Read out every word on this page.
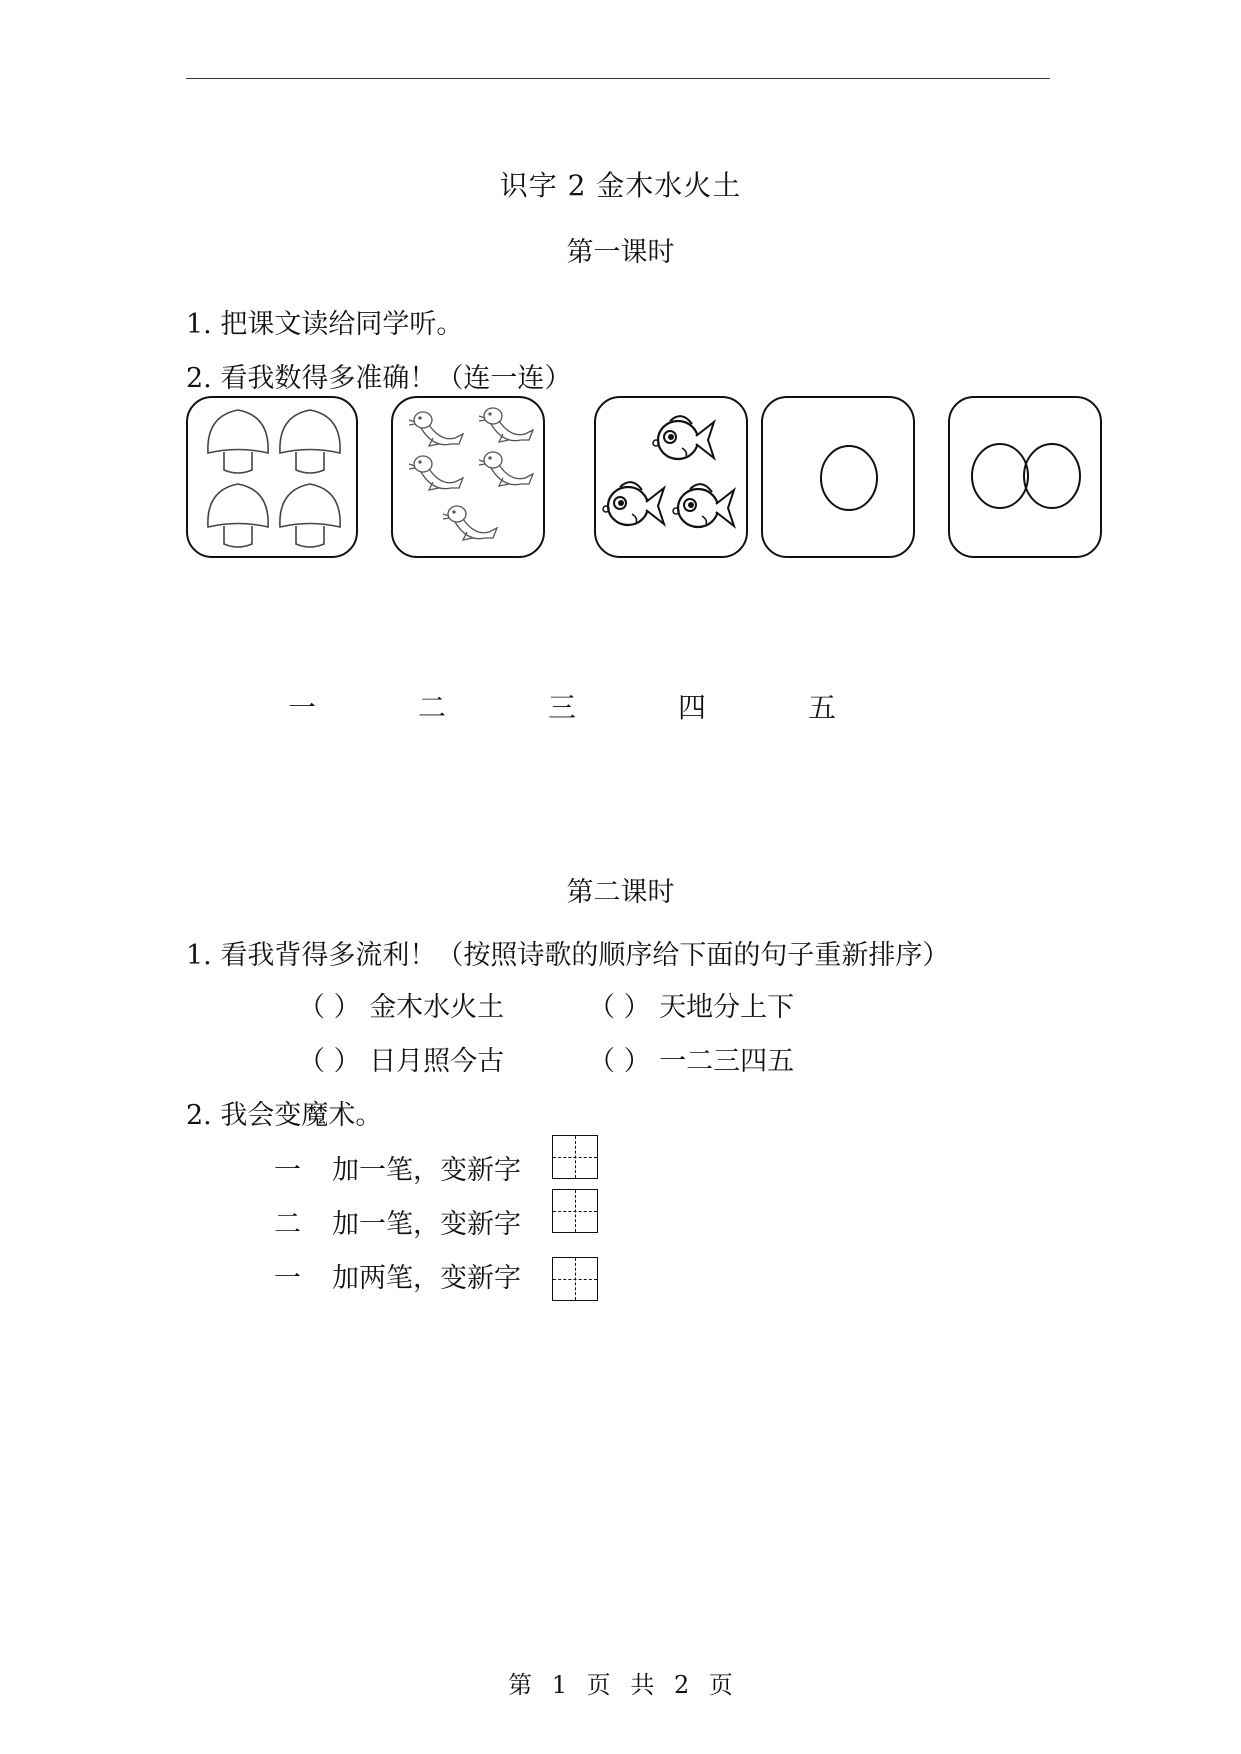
识字 2 金木水火土
第一课时
1. 把课文读给同学听。
2. 看我数得多准确！（连一连）
一	二	三	四	五
第二课时
1. 看我背得多流利！（按照诗歌的顺序给下面的句子重新排序）
（ ） 金木水火土	（ ） 天地分上下
（ ） 日月照今古	（ ） 一二三四五
2. 我会变魔术。
一 加一笔，变新字
二 加一笔，变新字
一 加两笔，变新字
第 1 页 共 2 页
